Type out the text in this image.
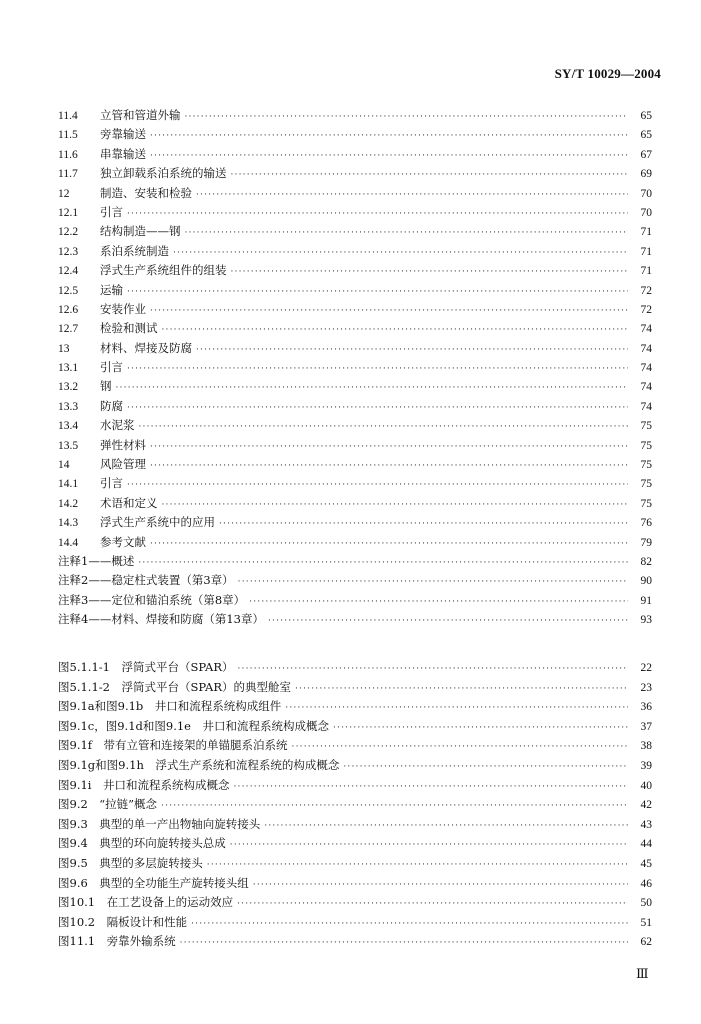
SY/T 10029—2004
11.4	立管和管道外输 ·····	65
11.5	旁靠输送 ·····	65
11.6	串靠输送 ·····	67
11.7	独立卸载系泊系统的输送 ·····	69
12	制造、安装和检验 ·····	70
12.1	引言 ·····	70
12.2	结构制造——钢 ·····	71
12.3	系泊系统制造 ·····	71
12.4	浮式生产系统组件的组装 ·····	71
12.5	运输 ·····	72
12.6	安装作业 ·····	72
12.7	检验和测试 ·····	74
13	材料、焊接及防腐 ·····	74
13.1	引言 ·····	74
13.2	钢 ·····	74
13.3	防腐 ·····	74
13.4	水泥浆 ·····	75
13.5	弹性材料 ·····	75
14	风险管理 ·····	75
14.1	引言 ·····	75
14.2	术语和定义 ·····	75
14.3	浮式生产系统中的应用 ·····	76
14.4	参考文献 ·····	79
注释1——概述 ·····	82
注释2——稳定柱式装置（第3章） ·····	90
注释3——定位和锚泊系统（第8章） ·····	91
注释4——材料、焊接和防腐（第13章） ·····	93
图5.1.1-1　浮筒式平台（SPAR） ·····	22
图5.1.1-2　浮筒式平台（SPAR）的典型舱室 ·····	23
图9.1a和图9.1b　井口和流程系统构成组件 ·····	36
图9.1c，图9.1d和图9.1e　井口和流程系统构成概念 ·····	37
图9.1f　带有立管和连接架的单锚腿系泊系统 ·····	38
图9.1g和图9.1h　浮式生产系统和流程系统的构成概念 ·····	39
图9.1i　井口和流程系统构成概念 ·····	40
图9.2　“拉链”概念 ·····	42
图9.3　典型的单一产出物轴向旋转接头 ·····	43
图9.4　典型的环向旋转接头总成 ·····	44
图9.5　典型的多层旋转接头 ·····	45
图9.6　典型的全功能生产旋转接头组 ·····	46
图10.1　在工艺设备上的运动效应 ·····	50
图10.2　隔板设计和性能 ·····	51
图11.1　旁靠外输系统 ·····	62
Ⅲ
